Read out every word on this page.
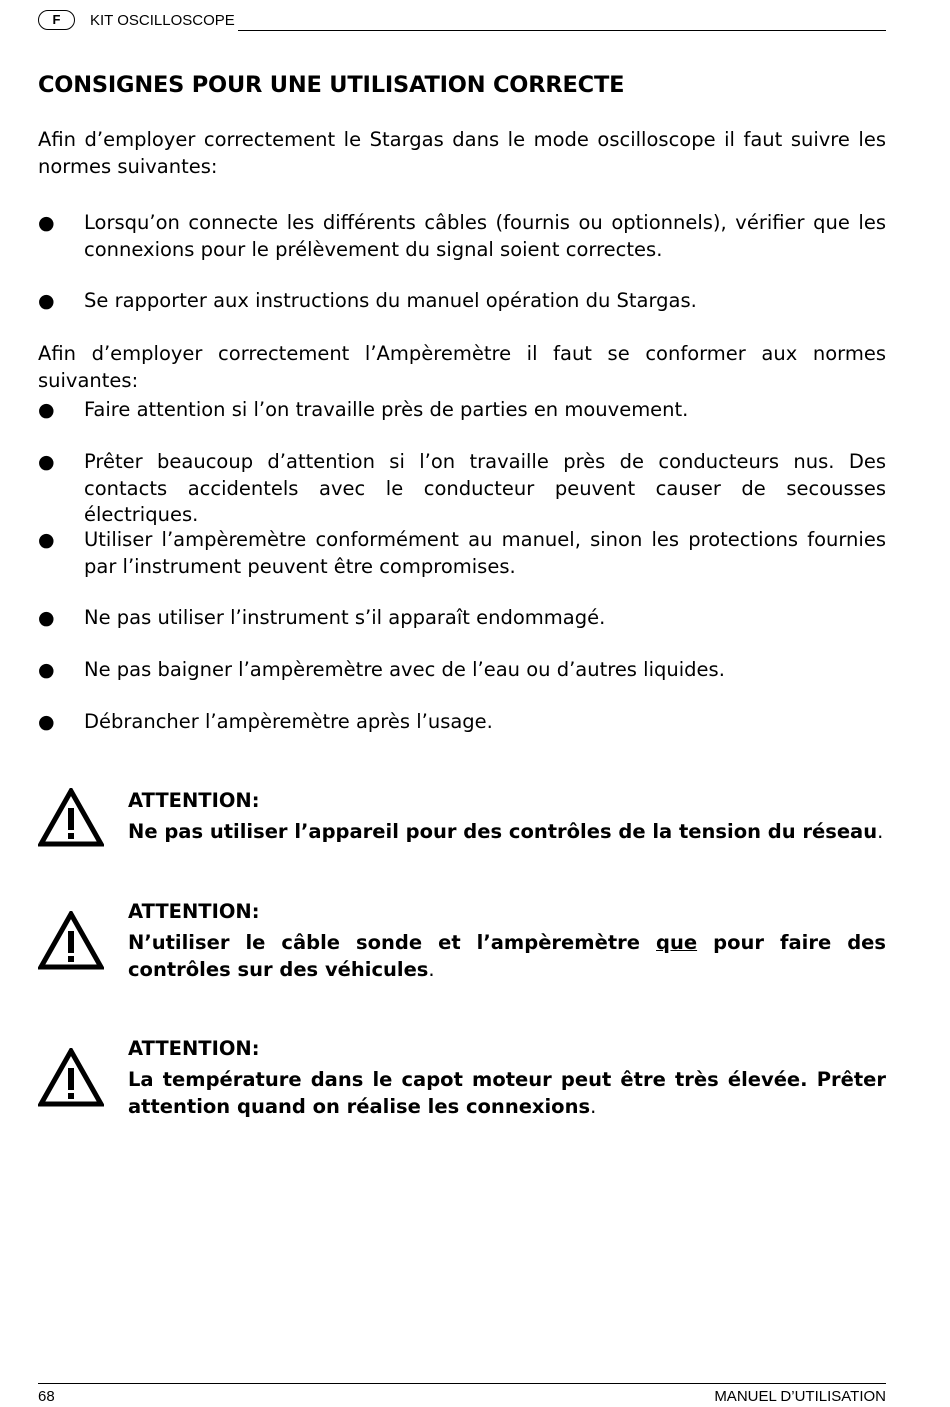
F	KIT OSCILLOSCOPE
CONSIGNES POUR UNE UTILISATION CORRECTE
Afin d’employer correctement le Stargas dans le mode oscilloscope il faut suivre les normes suivantes:
●	Lorsqu’on connecte les différents câbles (fournis ou optionnels), vérifier que les connexions pour le prélèvement du signal soient correctes.
●	Se rapporter aux instructions du manuel opération du Stargas.
Afin d’employer correctement l’Ampèremètre il faut se conformer aux normes suivantes:
●	Faire attention si l’on travaille près de parties en mouvement.
●	Prêter beaucoup d’attention si l’on travaille près de conducteurs nus. Des contacts accidentels avec le conducteur peuvent causer de secousses électriques.
●	Utiliser l’ampèremètre conformément au manuel, sinon les protections fournies par l’instrument peuvent être compromises.
●	Ne pas utiliser l’instrument s’il apparaît endommagé.
●	Ne pas baigner l’ampèremètre avec de l’eau ou d’autres liquides.
●	Débrancher l’ampèremètre après l’usage.
ATTENTION:
Ne pas utiliser l’appareil pour des contrôles de la tension du réseau.
ATTENTION:
N’utiliser le câble sonde et l’ampèremètre que pour faire des contrôles sur des véhicules.
ATTENTION:
La température dans le capot moteur peut être très élevée. Prêter attention quand on réalise les connexions.
68	MANUEL D’UTILISATION
